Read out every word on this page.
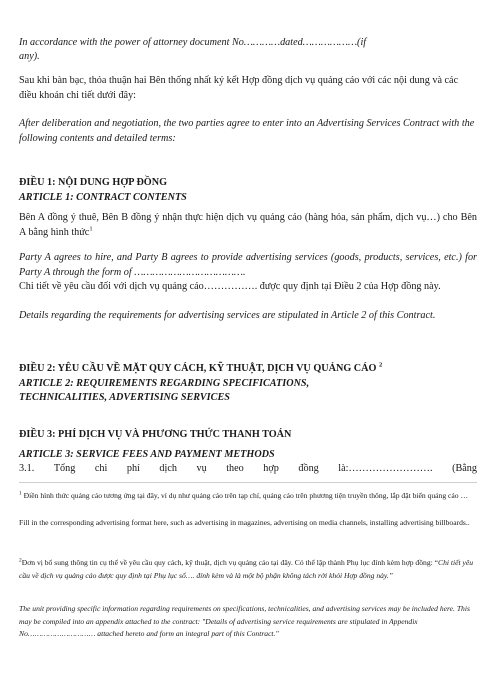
In accordance with the power of attorney document No…………dated………………(if

any).

Sau khi bàn bạc, thỏa thuận hai Bên thống nhất ký kết Hợp đồng dịch vụ quảng cáo với các nội dung và các điều khoản chi tiết dưới đây:

After deliberation and negotiation, the two parties agree to enter into an Advertising Services Contract with the following contents and detailed terms:

ĐIỀU 1: NỘI DUNG HỢP ĐỒNG

ARTICLE 1: CONTRACT CONTENTS

Bên A đồng ý thuê, Bên B đồng ý nhận thực hiện dịch vụ quảng cáo (hàng hóa, sản phẩm, dịch vụ…) cho Bên A bằng hình thức$^1$

Party A agrees to hire, and Party B agrees to provide advertising services (goods, products, services, etc.) for Party A through the form of ……………………………….

Chi tiết về yêu cầu đối với dịch vụ quảng cáo……………. được quy định tại Điều 2 của Hợp đồng này.

Details regarding the requirements for advertising services are stipulated in Article 2 of this Contract.

ĐIỀU 2: YÊU CẦU VỀ MẶT QUY CÁCH, KỸ THUẬT, DỊCH VỤ QUẢNG CÁO $^2$

ARTICLE 2: REQUIREMENTS REGARDING SPECIFICATIONS,

TECHNICALITIES, ADVERTISING SERVICES

ĐIỀU 3: PHÍ DỊCH VỤ VÀ PHƯƠNG THỨC THANH TOÁN

ARTICLE 3: SERVICE FEES AND PAYMENT METHODS

3.1. Tổng chi phí dịch vụ theo hợp đồng là:……………………. (Bằng

$^1$ Điền hình thức quảng cáo tương ứng tại đây, ví dụ như quảng cáo trên tạp chí, quảng cáo trên phương tiện truyền thông, lắp đặt biển quảng cáo …

Fill in the corresponding advertising format here, such as advertising in magazines, advertising on media channels, installing advertising billboards..

$^2$Đơn vị bổ sung thông tin cụ thể về yêu cầu quy cách, kỹ thuật, dịch vụ quảng cáo tại đây. Có thể lập thành Phụ lục đính kèm hợp đồng: “Chi tiết yêu cầu về dịch vụ quảng cáo được quy định tại Phụ lục số…. đính kèm và là một bộ phận không tách rời khỏi Hợp đồng này.”

The unit providing specific information regarding requirements on specifications, technicalities, and advertising services may be included here. This may be compiled into an appendix attached to the contract: "Details of advertising service requirements are stipulated in Appendix No………………………… attached hereto and form an integral part of this Contract."
